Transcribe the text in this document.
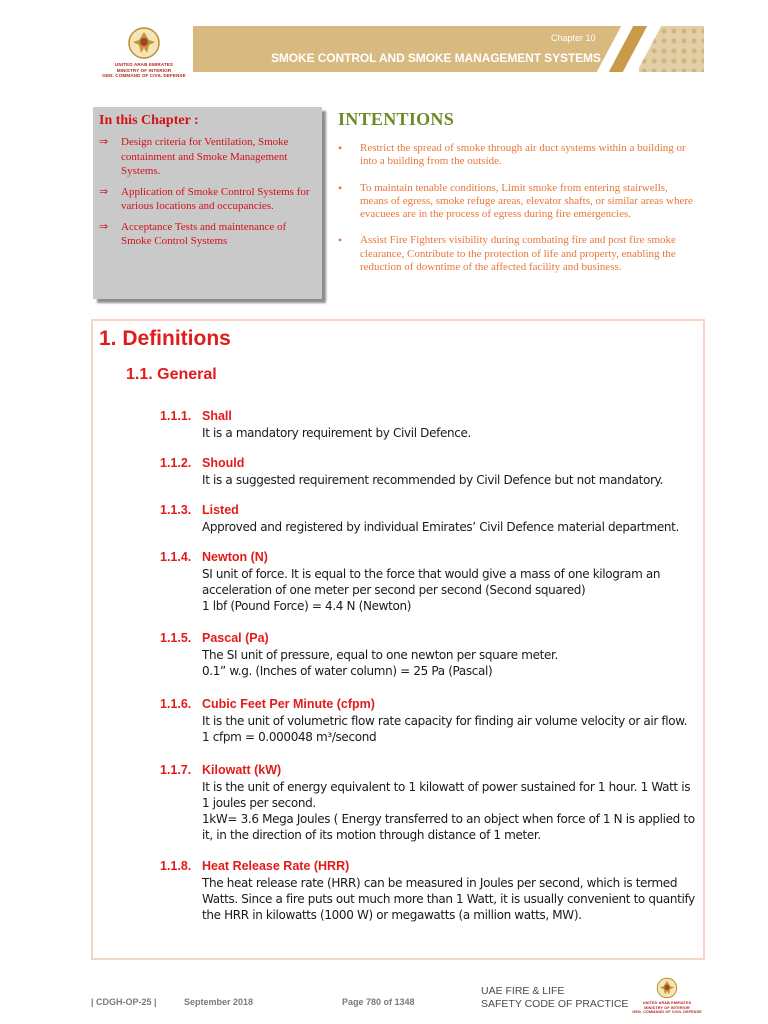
UNITED ARAB EMIRATES
MINISTRY OF INTERIOR
GEN. COMMAND OF CIVIL DEFENSE
Chapter 10
SMOKE CONTROL AND SMOKE MANAGEMENT SYSTEMS
In this Chapter :
⇒	Design criteria for Ventilation, Smoke containment and Smoke Management Systems.
⇒	Application of Smoke Control Systems for various locations and occupancies.
⇒	Acceptance Tests and maintenance of Smoke Control Systems
INTENTIONS
•	Restrict the spread of smoke through air duct systems within a building or into a building from the outside.
•	To maintain tenable conditions, Limit smoke from entering stairwells, means of egress, smoke refuge areas, elevator shafts, or similar areas where evacuees are in the process of egress during fire emergencies.
•	Assist Fire Fighters visibility during combating fire and post fire smoke clearance, Contribute to the protection of life and property, enabling the reduction of downtime of the affected facility and business.
1. Definitions
1.1. General
1.1.1. Shall

It is a mandatory requirement by Civil Defence.

1.1.2. Should

It is a suggested requirement recommended by Civil Defence but not mandatory.

1.1.3. Listed

Approved and registered by individual Emirates’ Civil Defence material department.

1.1.4. Newton (N)

SI unit of force. It is equal to the force that would give a mass of one kilogram an acceleration of one meter per second per second (Second squared)

1 lbf (Pound Force) = 4.4 N (Newton)

1.1.5. Pascal (Pa)

The SI unit of pressure, equal to one newton per square meter.

0.1” w.g. (Inches of water column) = 25 Pa (Pascal)

1.1.6. Cubic Feet Per Minute (cfpm)

It is the unit of volumetric flow rate capacity for finding air volume velocity or air flow.

1 cfpm = 0.000048 m³/second

1.1.7. Kilowatt (kW)

It is the unit of energy equivalent to 1 kilowatt of power sustained for 1 hour. 1 Watt is 1 joules per second.

1kW= 3.6 Mega Joules ( Energy transferred to an object when force of 1 N is applied to it, in the direction of its motion through distance of 1 meter.

1.1.8. Heat Release Rate (HRR)

The heat release rate (HRR) can be measured in Joules per second, which is termed Watts. Since a fire puts out much more than 1 Watt, it is usually convenient to quantify the HRR in kilowatts (1000 W) or megawatts (a million watts, MW).

| CDGH-OP-25 |	September 2018	Page 780 of 1348
UAE FIRE & LIFE
SAFETY CODE OF PRACTICE	UNITED ARAB EMIRATES
MINISTRY OF INTERIOR
GEN. COMMAND OF CIVIL DEFENSE
